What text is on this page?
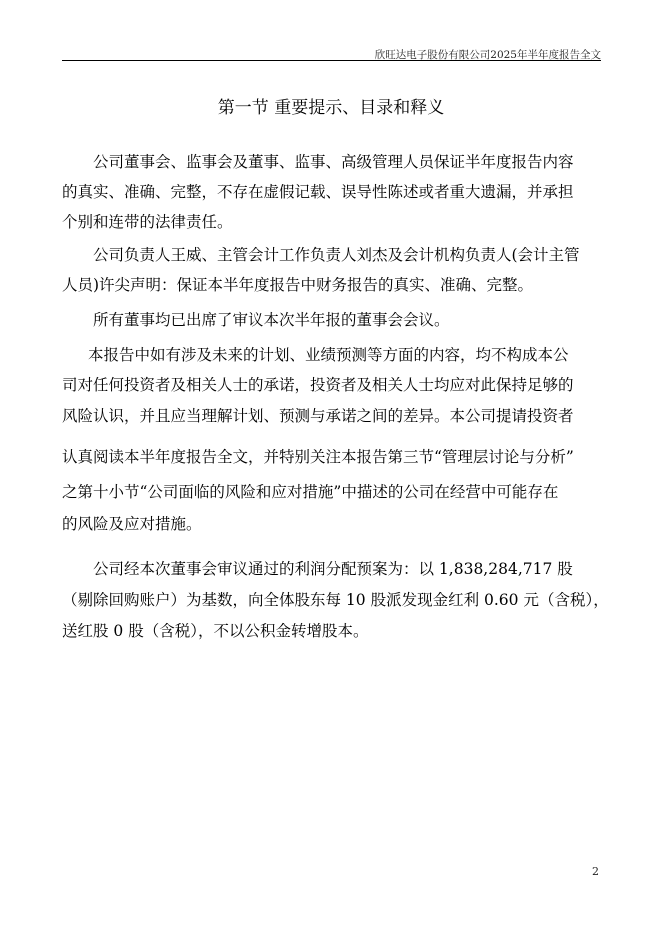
欣旺达电子股份有限公司2025年半年度报告全文
第一节 重要提示、目录和释义
公司董事会、监事会及董事、监事、高级管理人员保证半年度报告内容
的真实、准确、完整，不存在虚假记载、误导性陈述或者重大遗漏，并承担
个别和连带的法律责任。
公司负责人王威、主管会计工作负责人刘杰及会计机构负责人(会计主管
人员)许尖声明：保证本半年度报告中财务报告的真实、准确、完整。
所有董事均已出席了审议本次半年报的董事会会议。
本报告中如有涉及未来的计划、业绩预测等方面的内容，均不构成本公
司对任何投资者及相关人士的承诺，投资者及相关人士均应对此保持足够的
风险认识，并且应当理解计划、预测与承诺之间的差异。本公司提请投资者
认真阅读本半年度报告全文，并特别关注本报告第三节“管理层讨论与分析”
之第十小节“公司面临的风险和应对措施”中描述的公司在经营中可能存在
的风险及应对措施。
公司经本次董事会审议通过的利润分配预案为：以 1,838,284,717 股
（剔除回购账户）为基数，向全体股东每 10 股派发现金红利 0.60 元（含税），
送红股 0 股（含税），不以公积金转增股本。
2
